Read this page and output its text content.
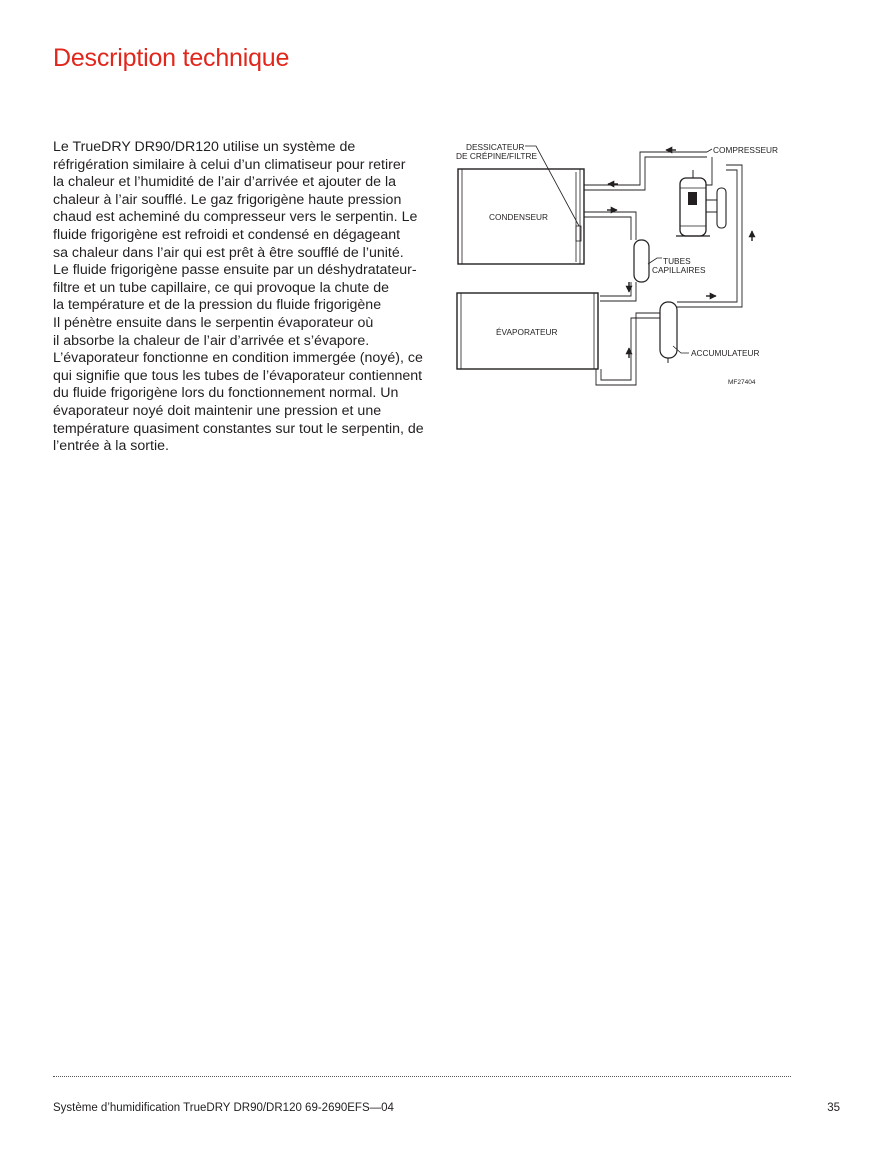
Description technique
Le TrueDRY DR90/DR120 utilise un système de
réfrigération similaire à celui d’un climatiseur pour retirer
la chaleur et l’humidité de l’air d’arrivée et ajouter de la
chaleur à l’air soufflé. Le gaz frigorigène haute pression
chaud est acheminé du compresseur vers le serpentin. Le
fluide frigorigène est refroidi et condensé en dégageant
sa chaleur dans l’air qui est prêt à être soufflé de l’unité.
Le fluide frigorigène passe ensuite par un déshydratateur-
filtre et un tube capillaire, ce qui provoque la chute de
la température et de la pression du fluide frigorigène
Il pénètre ensuite dans le serpentin évaporateur où
il absorbe la chaleur de l’air d’arrivée et s’évapore.
L’évaporateur fonctionne en condition immergée (noyé), ce
qui signifie que tous les tubes de l’évaporateur contiennent
du fluide frigorigène lors du fonctionnement normal. Un
évaporateur noyé doit maintenir une pression et une
température quasiment constantes sur tout le serpentin, de
l’entrée à la sortie.
DESSICATEUR
DE CRÉPINE/FILTRE
COMPRESSEUR
CONDENSEUR
TUBES
CAPILLAIRES
ÉVAPORATEUR
ACCUMULATEUR
MF27404
Système d’humidification TrueDRY DR90/DR120 69-2690EFS—04	35
